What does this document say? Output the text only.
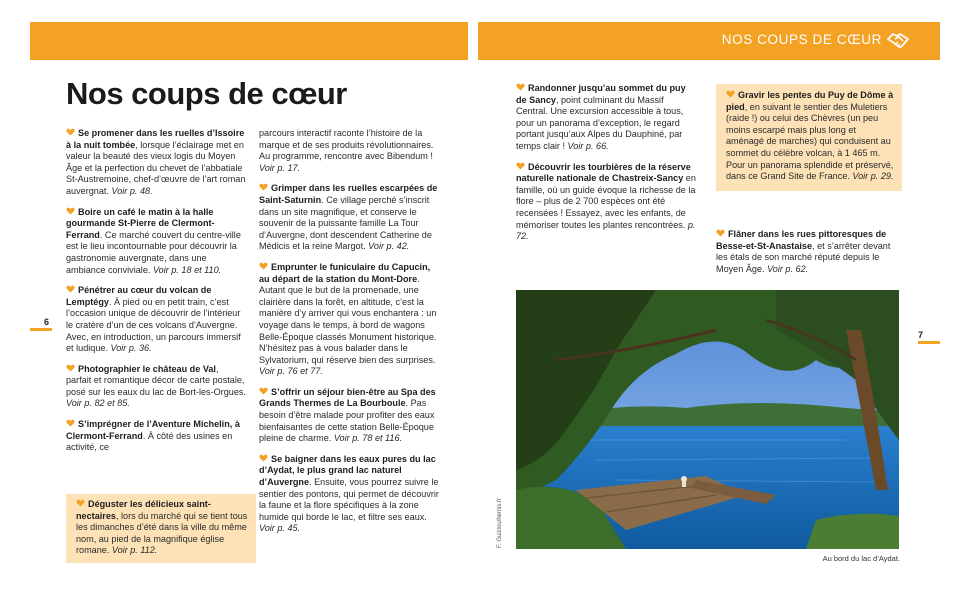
NOS COUPS DE CŒUR
Nos coups de cœur
6
7
Se promener dans les ruelles d’Issoire à la nuit tombée, lorsque l’éclairage met en valeur la beauté des vieux logis du Moyen Âge et la perfection du chevet de l’abbatiale St-Austremoine, chef-d’œuvre de l’art roman auvergnat. Voir p. 48.
Boire un café le matin à la halle gourmande St-Pierre de Clermont-Ferrand. Ce marché couvert du centre-ville est le lieu incontournable pour découvrir la gastronomie auvergnate, dans une ambiance conviviale. Voir p. 18 et 110.
Pénétrer au cœur du volcan de Lemptégy. À pied ou en petit train, c’est l’occasion unique de découvrir de l’intérieur le cratère d’un de ces volcans d’Auvergne. Avec, en introduction, un parcours immersif et ludique. Voir p. 36.
Photographier le château de Val, parfait et romantique décor de carte postale, posé sur les eaux du lac de Bort-les-Orgues. Voir p. 82 et 85.
S’imprégner de l’Aventure Michelin, à Clermont-Ferrand. À côté des usines en activité, ce
Déguster les délicieux saint-nectaires, lors du marché qui se tient tous les dimanches d’été dans la ville du même nom, au pied de la magnifique église romane. Voir p. 112.
parcours interactif raconte l’histoire de la marque et de ses produits révolutionnaires. Au programme, rencontre avec Bibendum ! Voir p. 17.
Grimper dans les ruelles escarpées de Saint-Saturnin. Ce village perché s’inscrit dans un site magnifique, et conserve le souvenir de la puissante famille La Tour d’Auvergne, dont descendent Catherine de Médicis et la reine Margot. Voir p. 42.
Emprunter le funiculaire du Capucin, au départ de la station du Mont-Dore. Autant que le but de la promenade, une clairière dans la forêt, en altitude, c’est la manière d’y arriver qui vous enchantera : un voyage dans le temps, à bord de wagons Belle-Époque classés Monument historique. N’hésitez pas à vous balader dans le Sylvatorium, qui réserve bien des surprises. Voir p. 76 et 77.
S’offrir un séjour bien-être au Spa des Grands Thermes de La Bourboule. Pas besoin d’être malade pour profiter des eaux bienfaisantes de cette station Belle-Époque pleine de charme. Voir p. 78 et 116.
Se baigner dans les eaux pures du lac d’Aydat, le plus grand lac naturel d’Auvergne. Ensuite, vous pourrez suivre le sentier des pontons, qui permet de découvrir la faune et la flore spécifiques à la zone humide qui borde le lac, et filtre ses eaux. Voir p. 45.
Randonner jusqu’au sommet du puy de Sancy, point culminant du Massif Central. Une excursion accessible à tous, pour un panorama d’exception, le regard portant jusqu’aux Alpes du Dauphiné, par temps clair ! Voir p. 66.
Découvrir les tourbières de la réserve naturelle nationale de Chastreix-Sancy en famille, où un guide évoque la richesse de la flore – plus de 2 700 espèces ont été recensées ! Essayez, avec les enfants, de mémoriser toutes les plantes rencontrées. p. 72.
Gravir les pentes du Puy de Dôme à pied, en suivant le sentier des Muletiers (raide !) ou celui des Chèvres (un peu moins escarpé mais plus long et aménagé de marches) qui conduisent au sommet du célèbre volcan, à 1 465 m. Pour un panorama splendide et préservé, dans ce Grand Site de France. Voir p. 29.
Flâner dans les rues pittoresques de Besse-et-St-Anastaise, et s’arrêter devant les étals de son marché réputé depuis le Moyen Âge. Voir p. 62.
F. Guiziou/hemis.fr
Au bord du lac d’Aydat.
